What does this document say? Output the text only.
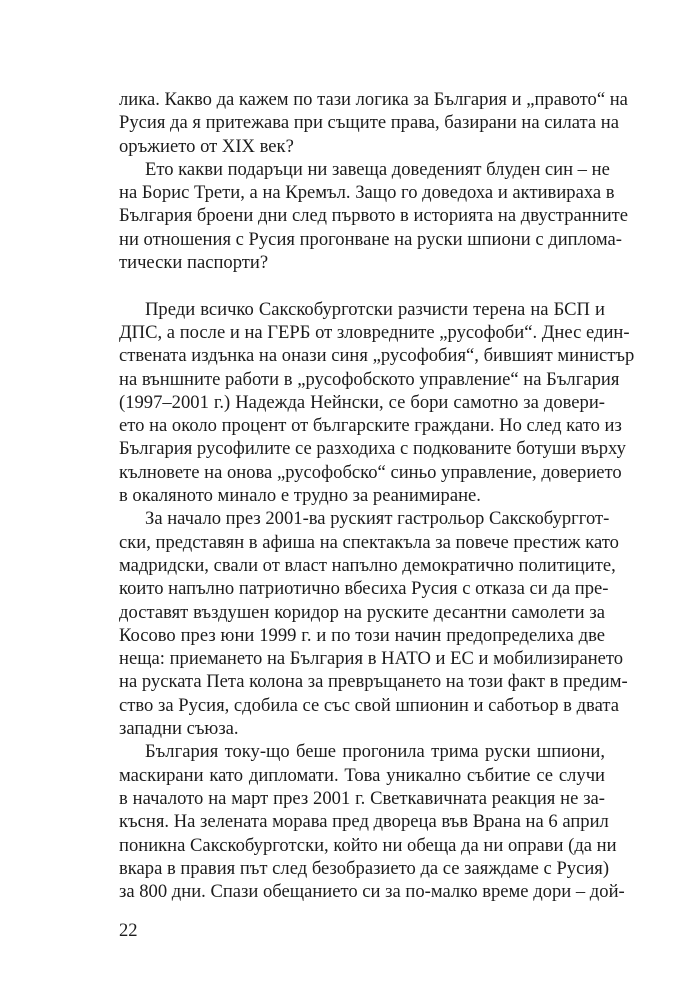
лика. Какво да кажем по тази логика за България и „правото“ на
Русия да я притежава при същите права, базирани на силата на
оръжието от XIX век?

Ето какви подаръци ни завеща доведеният блуден син – не
на Борис Трети, а на Кремъл. Защо го доведоха и активираха в
България броени дни след първото в историята на двустранните
ни отношения с Русия прогонване на руски шпиони с диплома-
тически паспорти?

Преди всичко Сакскобурготски разчисти терена на БСП и
ДПС, а после и на ГЕРБ от зловредните „русофоби“. Днес един-
ствената издънка на онази синя „русофобия“, бившият министър
на външните работи в „русофобското управление“ на България
(1997–2001 г.) Надежда Нейнски, се бори самотно за довери-
ето на около процент от българските граждани. Но след като из
България русофилите се разходиха с подкованите ботуши върху
кълновете на онова „русофобско“ синьо управление, доверието
в окаляното минало е трудно за реанимиране.

За начало през 2001-ва руският гастрольор Сакскобурггот-
ски, представян в афиша на спектакъла за повече престиж като
мадридски, свали от власт напълно демократично политиците,
които напълно патриотично вбесиха Русия с отказа си да пре-
доставят въздушен коридор на руските десантни самолети за
Косово през юни 1999 г. и по този начин предопределиха две
неща: приемането на България в НАТО и ЕС и мобилизирането
на руската Пета колона за превръщането на този факт в предим-
ство за Русия, сдобила се със свой шпионин и саботьор в двата
западни съюза.

България току-що беше прогонила трима руски шпиони,
маскирани като дипломати. Това уникално събитие се случи
в началото на март през 2001 г. Светкавичната реакция не за-
късня. На зелената морава пред двореца във Врана на 6 април
поникна Сакскобурготски, който ни обеща да ни оправи (да ни
вкара в правия път след безобразието да се заяждаме с Русия)
за 800 дни. Спази обещанието си за по-малко време дори – дой-

22
